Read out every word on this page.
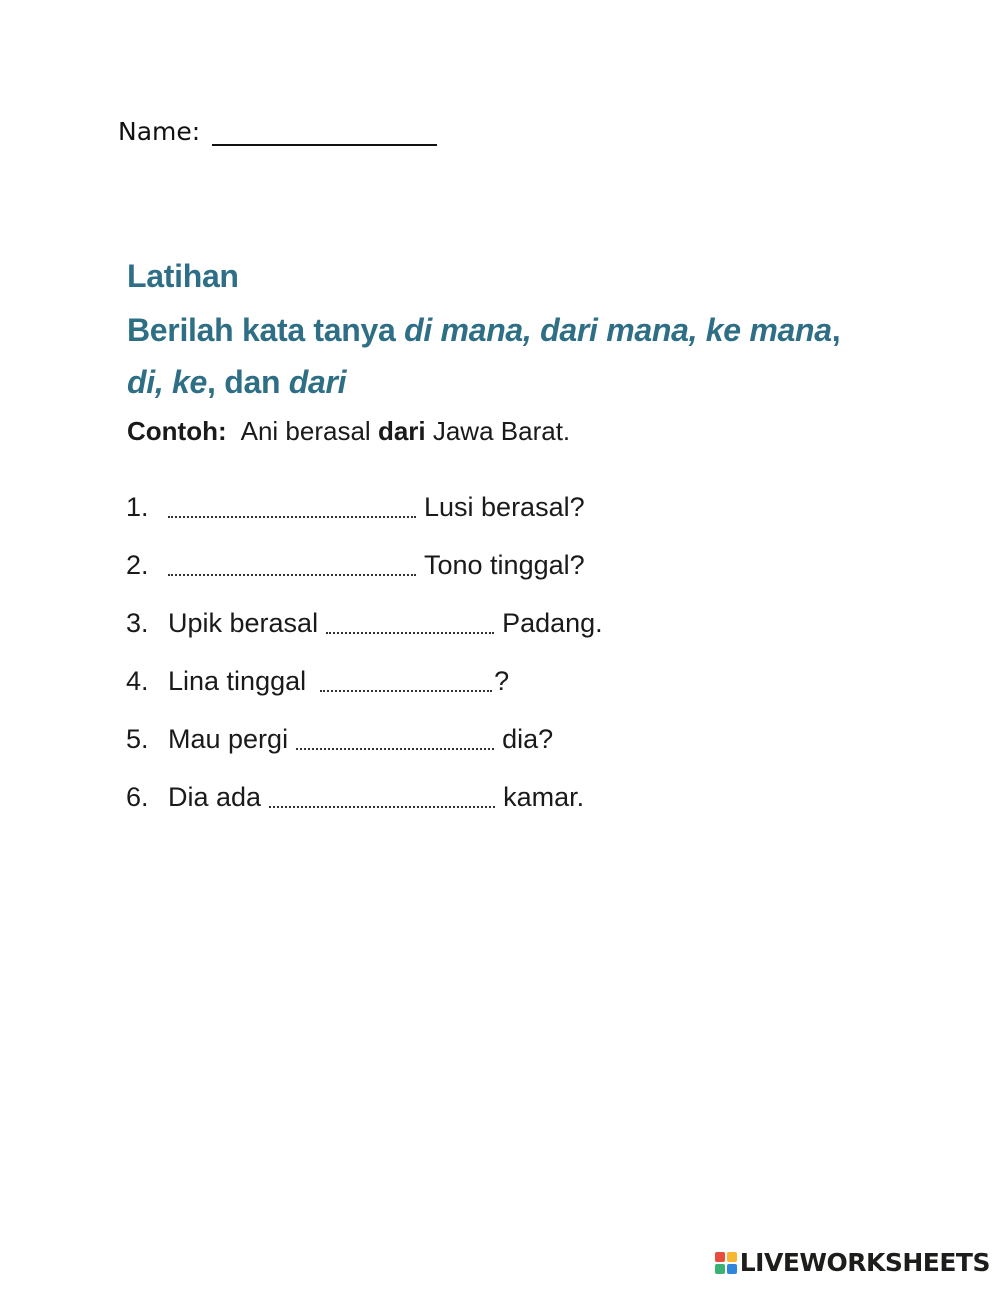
Name:
Latihan
Berilah kata tanya di mana, dari mana, ke mana,
di, ke, dan dari
Contoh: Ani berasal dari Jawa Barat.
1.	Lusi berasal?
2.	Tono tinggal?
3. Upik berasal	Padang.
4. Lina tinggal	?
5. Mau pergi	dia?
6. Dia ada	kamar.
LIVEWORKSHEETS
